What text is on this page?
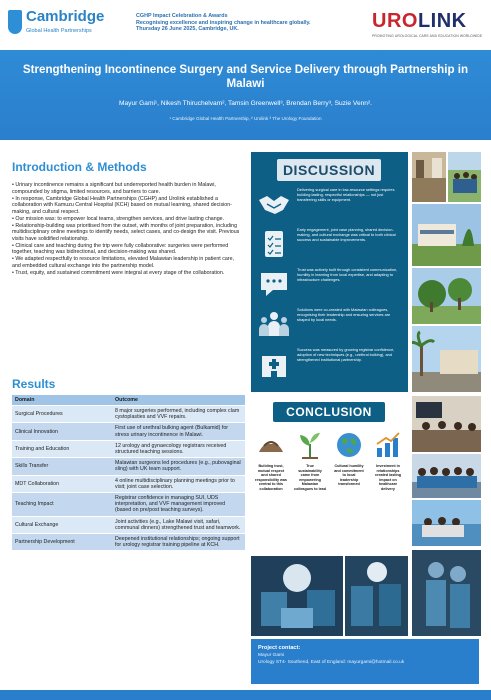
Cambridge
Global Health Partnerships
CGHP Impact Celebration & Awards
Recognising excellence and inspiring change in healthcare globally.
Thursday 26 June 2025, Cambridge, UK.	UROLINK
PROMOTING UROLOGICAL CARE AND EDUCATION WORLDWIDE
Strengthening Incontinence Surgery and Service Delivery through Partnership in Malawi
Mayur Gami¹, Nikesh Thiruchelvam², Tamsin Greenwell³, Brendan Berry³, Suzie Venn².
¹ Cambridge Global Health Partnership, ² Urolink ³ The Urology Foundation
Introduction & Methods
• Urinary incontinence remains a significant but underreported health burden in Malawi, compounded by stigma, limited resources, and barriers to care.
• In response, Cambridge Global Health Partnerships (CGHP) and Urolink established a collaboration with Kamuzu Central Hospital (KCH) based on mutual learning, shared decision-making, and cultural respect.
• Our mission was: to empower local teams, strengthen services, and drive lasting change.
• Relationship-building was prioritised from the outset, with months of joint preparation, including multidisciplinary online meetings to identify needs, select cases, and co-design the visit. Previous visits have solidified relationship.
• Clinical care and teaching during the trip were fully collaborative: surgeries were performed together, teaching was bidirectional, and decision-making was shared.
• We adapted respectfully to resource limitations, elevated Malawian leadership in patient care, and embedded cultural exchange into the partnership model.
• Trust, equity, and sustained commitment were integral at every stage of the collaboration.
Results
Domain	Outcome
Surgical Procedures	8 major surgeries performed, including complex clam cystoplasties and VVF repairs.
Clinical Innovation	First use of urethral bulking agent (Bulkamid) for stress urinary incontinence in Malawi.
Training and Education	12 urology and gynaecology registrars received structured teaching sessions.
Skills Transfer	Malawian surgeons led procedures (e.g., pubovaginal sling) with UK team support.
MDT Collaboration	4 online multidisciplinary planning meetings prior to visit; joint case selection.
Teaching Impact	Registrar confidence in managing SUI, UDS interpretation, and VVF management improved (based on pre/post teaching surveys).
Cultural Exchange	Joint activities (e.g., Lake Malawi visit, safari, communal dinners) strengthened trust and teamwork.
Partnership Development	Deepened institutional relationships; ongoing support for urology registrar training pipeline at KCH.
DISCUSSION
Delivering surgical care in low-resource settings requires building lasting, respectful relationships — not just transferring skills or equipment.
Early engagement, joint case planning, shared decision-making, and cultural exchange was critical to both clinical success and sustainable improvements.
Trust was actively built through consistent communication, humility in learning from local expertise, and adapting to infrastructure challenges.
Solutions were co-created with Malawian colleagues, recognising their leadership and ensuring services are shaped by local needs.
Success was measured by growing registrar confidence, adoption of new techniques (e.g., urethral bulking), and strengthened institutional partnership.
CONCLUSION
Building trust, mutual respect and shared responsibility was central to this collaboration
True sustainability came from empowering Malawian colleagues to lead
Cultural humility and commitment to local leadership transformed
Investment in relationships created lasting impact on healthcare delivery
Project contact:
Mayur Gami
Urology ST4- Southend, East of England: mayurgami@hotmail.co.uk
